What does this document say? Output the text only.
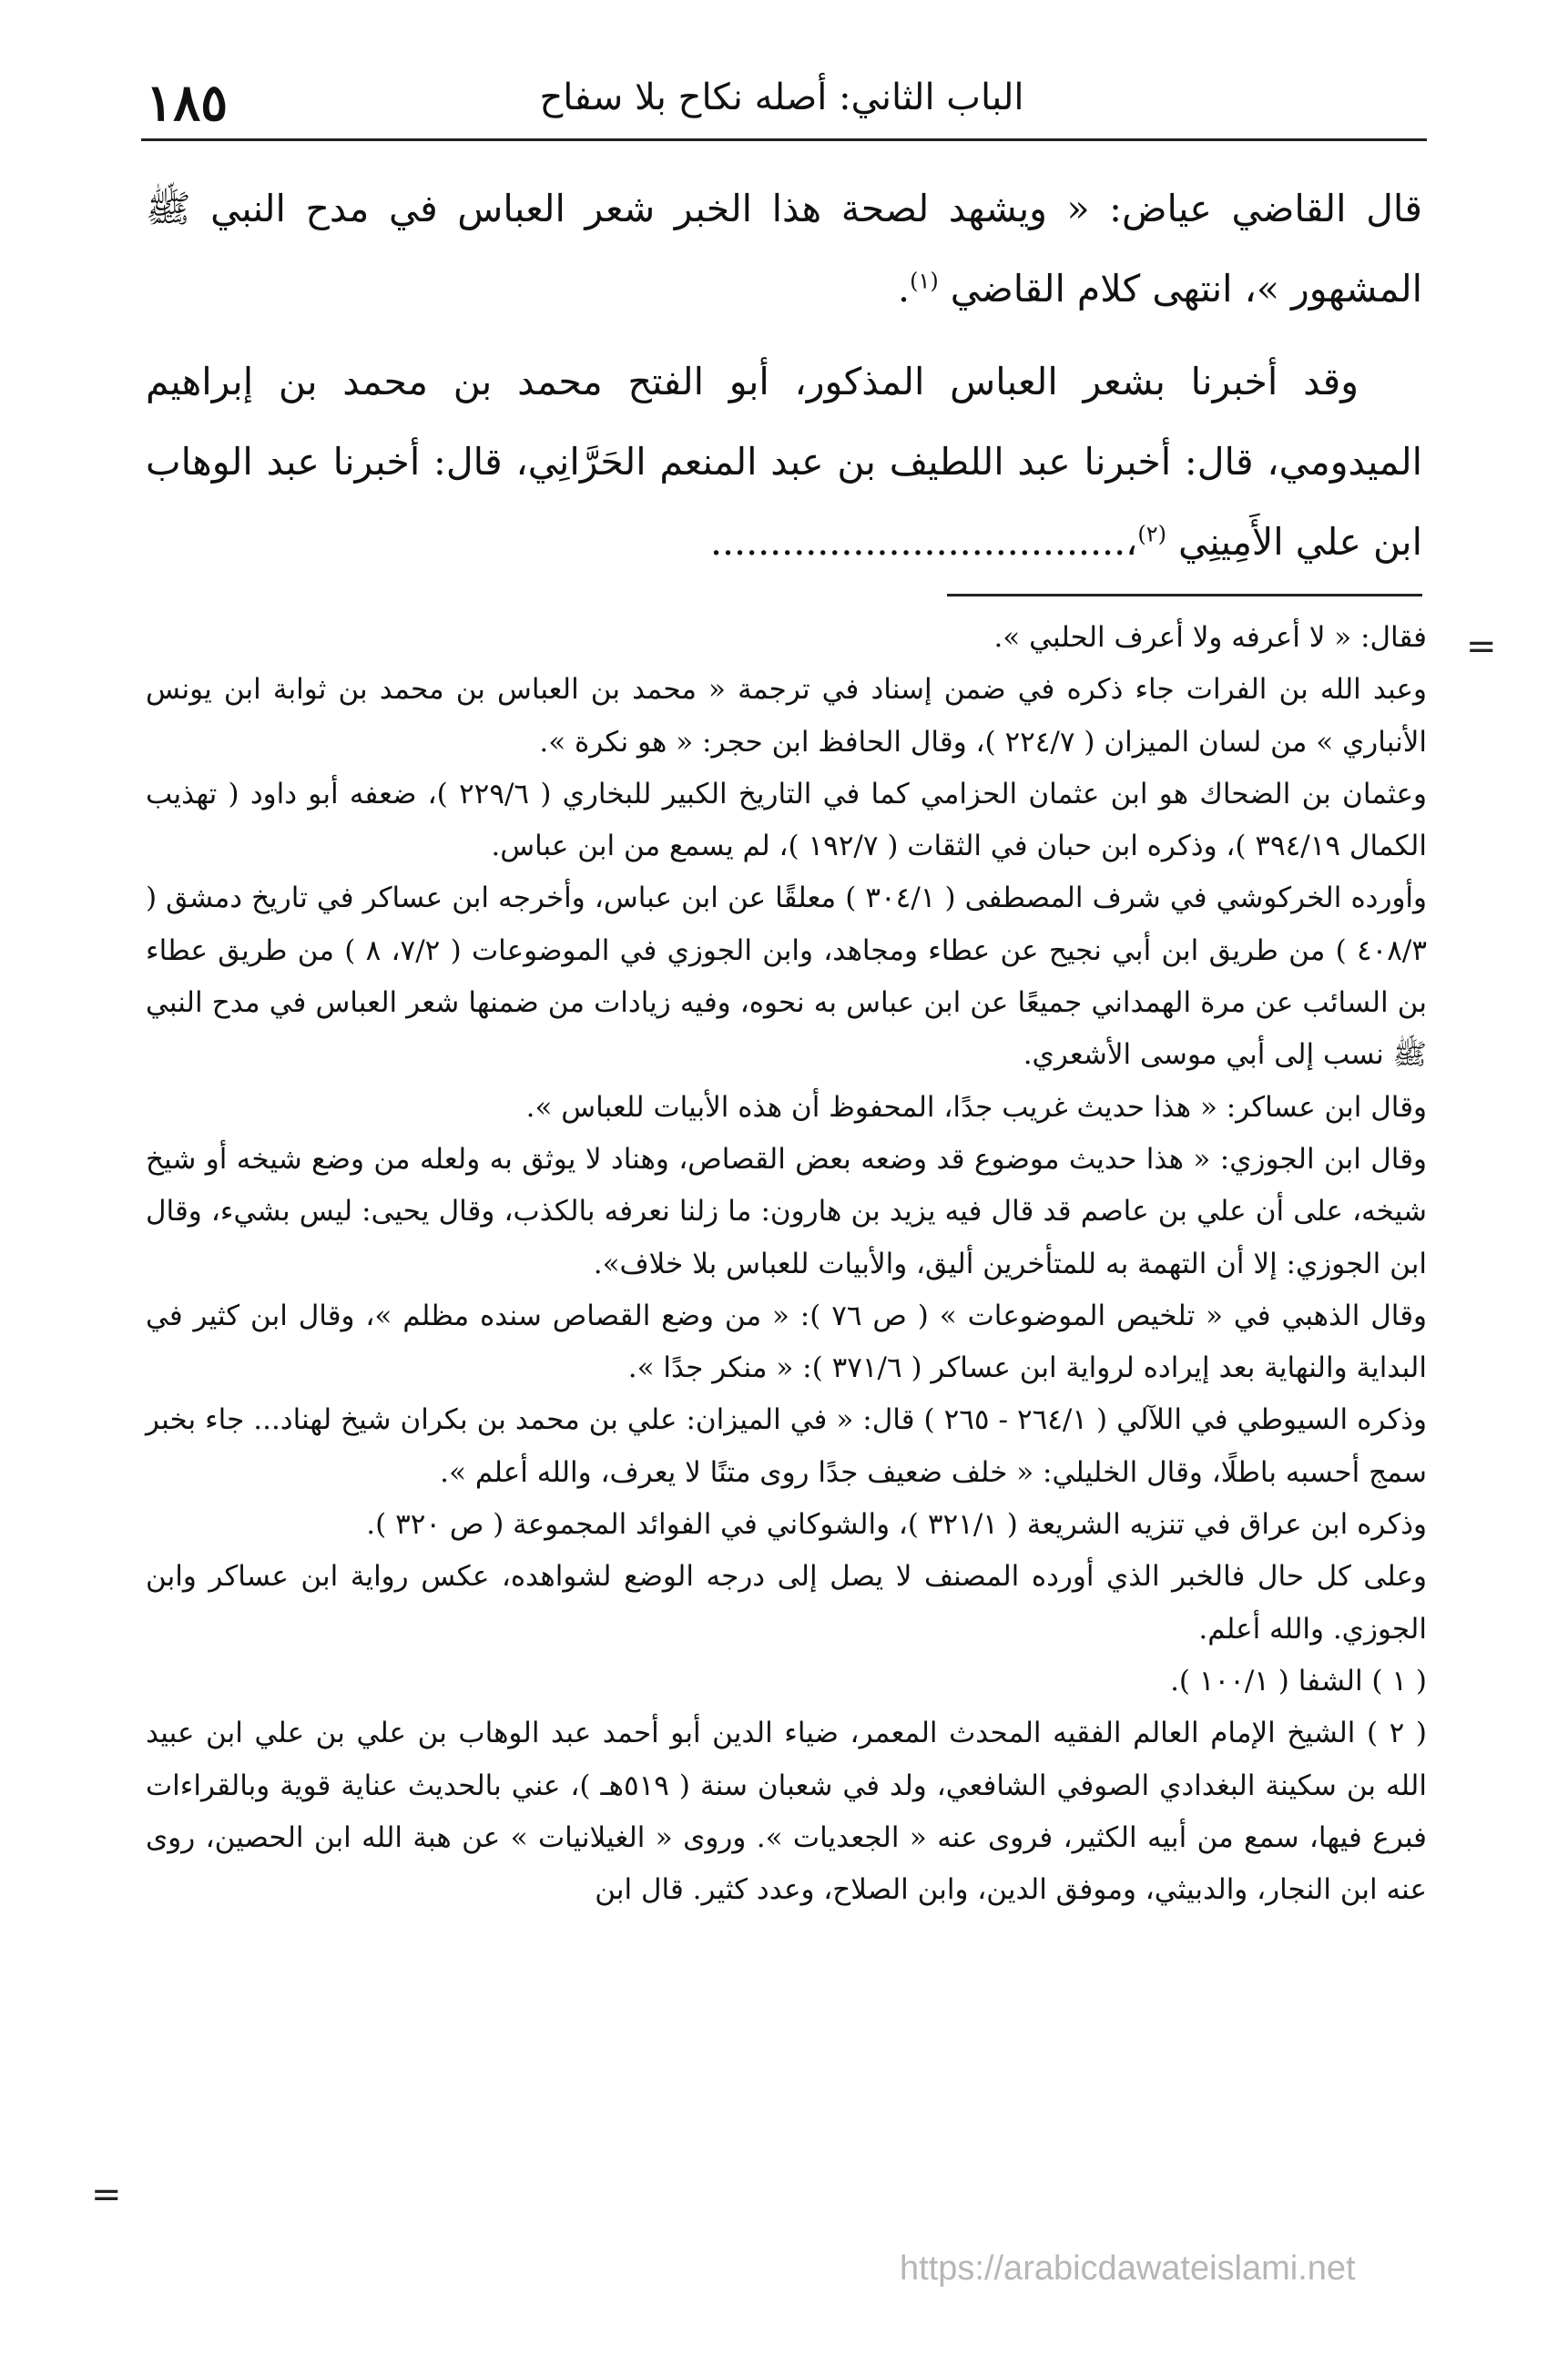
١٨٥	الباب الثاني: أصله نكاح بلا سفاح

قال القاضي عياض: « ويشهد لصحة هذا الخبر شعر العباس في مدح النبي ﷺ المشهور »، انتهى كلام القاضي $^{(١)}$.

وقد أخبرنا بشعر العباس المذكور، أبو الفتح محمد بن محمد بن إبراهيم الميدومي، قال: أخبرنا عبد اللطيف بن عبد المنعم الحَرَّانِي، قال: أخبرنا عبد الوهاب ابن علي الأَمِينِي $^{(٢)}$،...................................

=

فقال: « لا أعرفه ولا أعرف الحلبي ».

وعبد الله بن الفرات جاء ذكره في ضمن إسناد في ترجمة « محمد بن العباس بن محمد بن ثوابة ابن يونس الأنباري » من لسان الميزان ( ٢٢٤/٧ )، وقال الحافظ ابن حجر: « هو نكرة ».

وعثمان بن الضحاك هو ابن عثمان الحزامي كما في التاريخ الكبير للبخاري ( ٢٢٩/٦ )، ضعفه أبو داود ( تهذيب الكمال ٣٩٤/١٩ )، وذكره ابن حبان في الثقات ( ١٩٢/٧ )، لم يسمع من ابن عباس.

وأورده الخركوشي في شرف المصطفى ( ٣٠٤/١ ) معلقًا عن ابن عباس، وأخرجه ابن عساكر في تاريخ دمشق ( ٤٠٨/٣ ) من طريق ابن أبي نجيح عن عطاء ومجاهد، وابن الجوزي في الموضوعات ( ٧/٢، ٨ ) من طريق عطاء بن السائب عن مرة الهمداني جميعًا عن ابن عباس به نحوه، وفيه زيادات من ضمنها شعر العباس في مدح النبي ﷺ نسب إلى أبي موسى الأشعري.

وقال ابن عساكر: « هذا حديث غريب جدًا، المحفوظ أن هذه الأبيات للعباس ».

وقال ابن الجوزي: « هذا حديث موضوع قد وضعه بعض القصاص، وهناد لا يوثق به ولعله من وضع شيخه أو شيخ شيخه، على أن علي بن عاصم قد قال فيه يزيد بن هارون: ما زلنا نعرفه بالكذب، وقال يحيى: ليس بشيء، وقال ابن الجوزي: إلا أن التهمة به للمتأخرين أليق، والأبيات للعباس بلا خلاف».

وقال الذهبي في « تلخيص الموضوعات » ( ص ٧٦ ): « من وضع القصاص سنده مظلم »، وقال ابن كثير في البداية والنهاية بعد إيراده لرواية ابن عساكر ( ٣٧١/٦ ): « منكر جدًا ».

وذكره السيوطي في اللآلي ( ٢٦٤/١ - ٢٦٥ ) قال: « في الميزان: علي بن محمد بن بكران شيخ لهناد... جاء بخبر سمج أحسبه باطلًا، وقال الخليلي: « خلف ضعيف جدًا روى متنًا لا يعرف، والله أعلم ».

وذكره ابن عراق في تنزيه الشريعة ( ٣٢١/١ )، والشوكاني في الفوائد المجموعة ( ص ٣٢٠ ).

وعلى كل حال فالخبر الذي أورده المصنف لا يصل إلى درجه الوضع لشواهده، عكس رواية ابن عساكر وابن الجوزي. والله أعلم.

( ١ ) الشفا ( ١٠٠/١ ).

( ٢ ) الشيخ الإمام العالم الفقيه المحدث المعمر، ضياء الدين أبو أحمد عبد الوهاب بن علي بن علي ابن عبيد الله بن سكينة البغدادي الصوفي الشافعي، ولد في شعبان سنة ( ٥١٩هـ )، عني بالحديث عناية قوية وبالقراءات فبرع فيها، سمع من أبيه الكثير، فروى عنه « الجعديات ». وروى « الغيلانيات » عن هبة الله ابن الحصين، روى عنه ابن النجار، والدبيثي، وموفق الدين، وابن الصلاح، وعدد كثير. قال ابن

=
https://arabicdawateislami.net
